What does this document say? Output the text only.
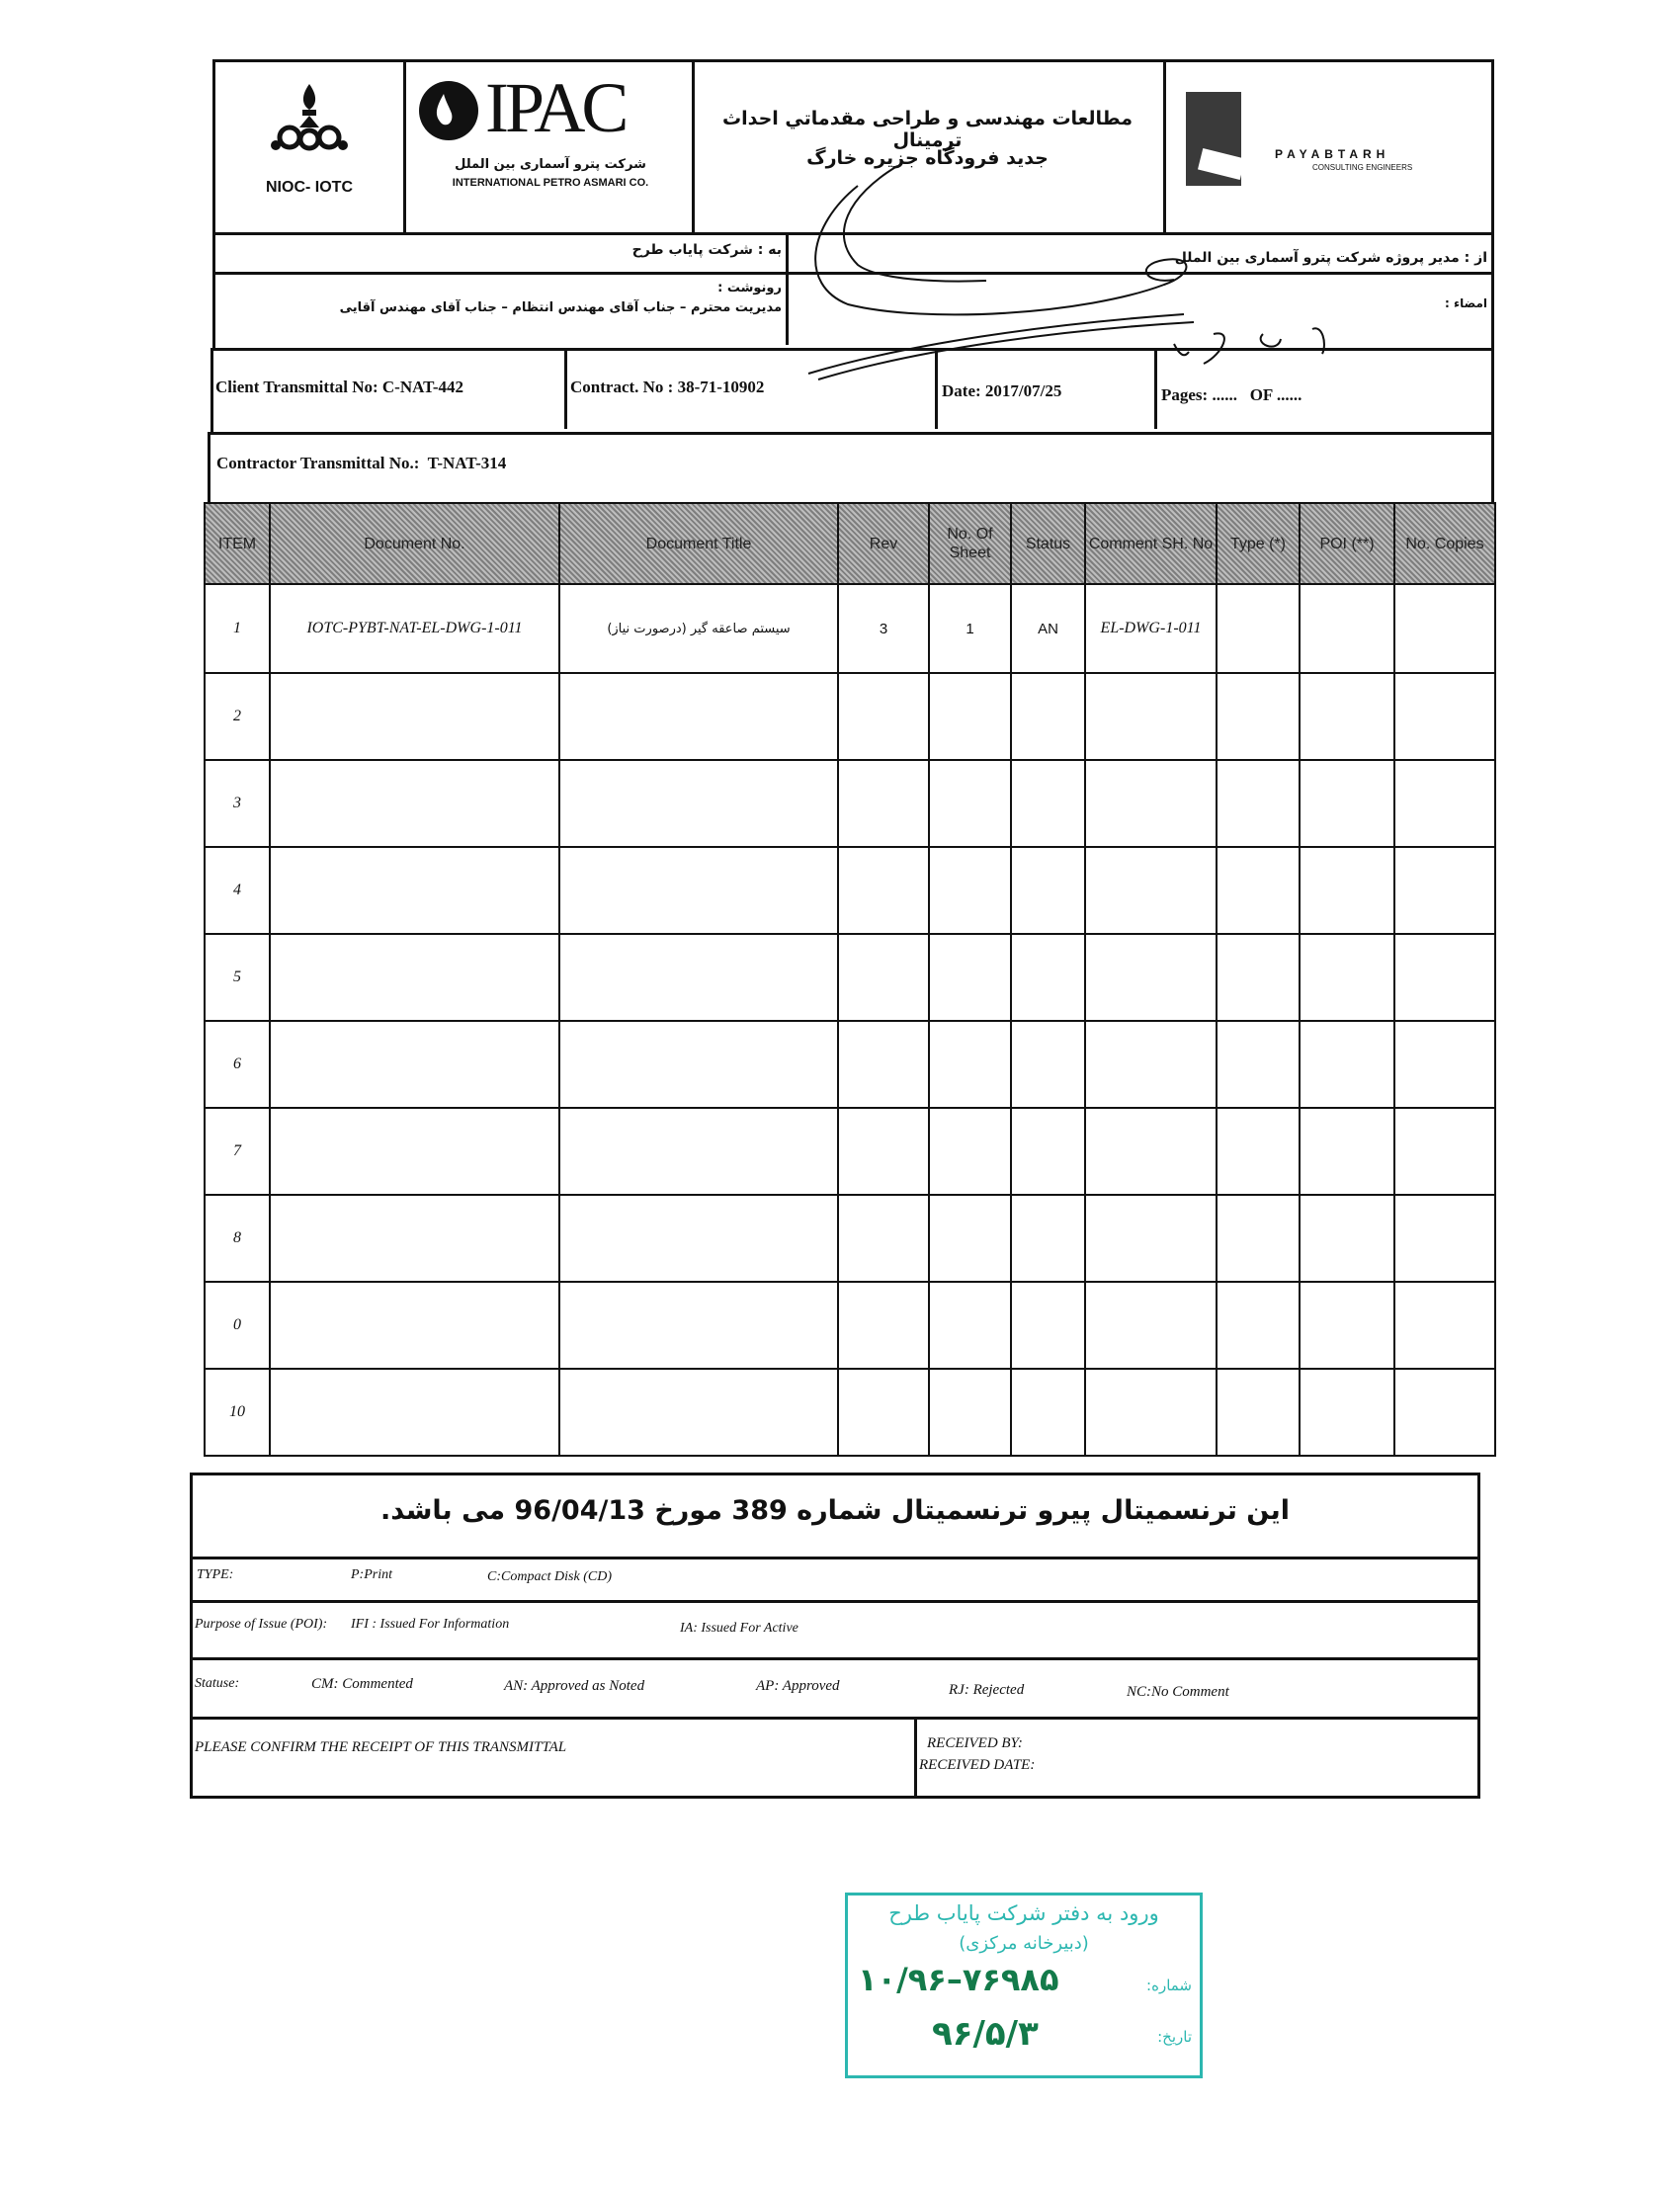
NIOC- IOTC
IPAC
شرکت پترو آسماری بین الملل
INTERNATIONAL PETRO ASMARI CO.
مطالعات مهندسی و طراحی مقدماتي احداث ترمینال
جدید فرودگاه جزیره خارگ	PAYABTARH
CONSULTING ENGINEERS
به : شرکت پایاب طرح	از : مدیر پروژه شرکت پترو آسماری بین الملل
رونوشت :
مدیریت محترم – جناب آقای مهندس انتظام – جناب آقای مهندس آقایی	امضاء :
Client Transmittal No: C-NAT-442	Contract. No : 38-71-10902	Date: 2017/07/25	Pages: ......   OF ......
Contractor Transmittal No.:  T-NAT-314
ITEM	Document No.	Document Title	Rev	No. Of Sheet	Status	Comment SH. No	Type (*)	POI (**)	No. Copies
1	IOTC-PYBT-NAT-EL-DWG-1-011	سیستم صاعقه گیر (درصورت نیاز)	3	1	AN	EL-DWG-1-011			
2									
3									
4									
5									
6									
7									
8									
0									
10									
این ترنسمیتال پیرو ترنسمیتال شماره 389 مورخ 96/04/13 می باشد.
TYPE:	P:Print	C:Compact Disk (CD)
Purpose of Issue (POI): IFI : Issued For Information	IA: Issued For Active
Statuse:	CM: Commented	AN: Approved as Noted	AP: Approved	RJ: Rejected	NC:No Comment
PLEASE CONFIRM THE RECEIPT OF THIS TRANSMITTAL	RECEIVED BY:
RECEIVED DATE:
ورود به دفتر شرکت پایاب طرح
(دبیرخانه مرکزی)
شماره:
۱۰/۹۶–۷۶۹۸۵
تاریخ:
۹۶/۵/۳
